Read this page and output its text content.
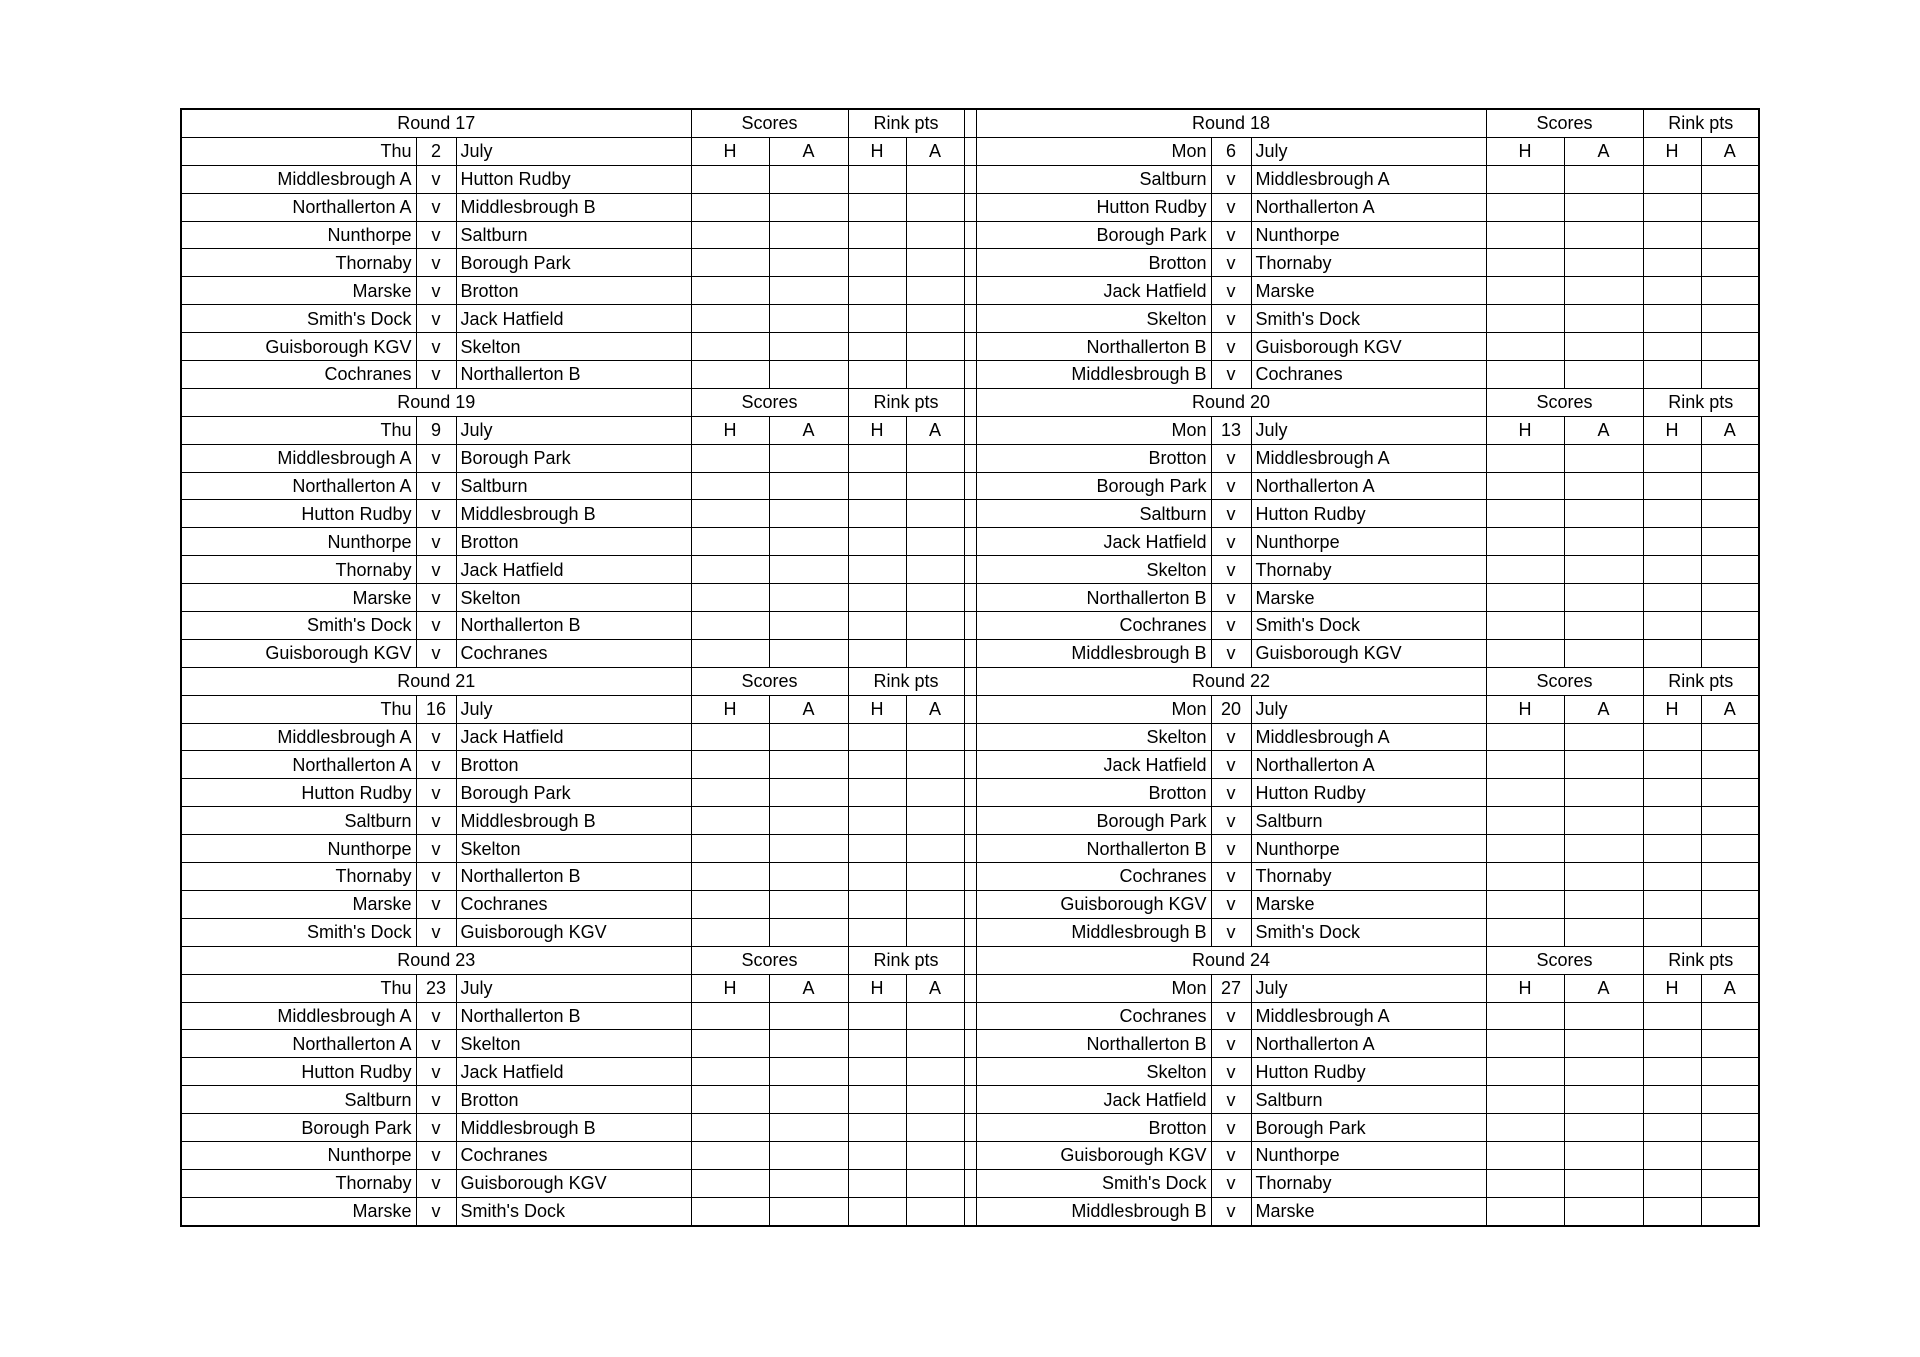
Round 17			Scores		Rink pts			Round 18			Scores		Rink pts	
Thu	2	July	H	A	H	A		Mon	6	July	H	A	H	A
Middlesbrough A	v	Hutton Rudby						Saltburn	v	Middlesbrough A				
Northallerton A	v	Middlesbrough B						Hutton Rudby	v	Northallerton A				
Nunthorpe	v	Saltburn						Borough Park	v	Nunthorpe				
Thornaby	v	Borough Park						Brotton	v	Thornaby				
Marske	v	Brotton						Jack Hatfield	v	Marske				
Smith's Dock	v	Jack Hatfield						Skelton	v	Smith's Dock				
Guisborough KGV	v	Skelton						Northallerton B	v	Guisborough KGV				
Cochranes	v	Northallerton B						Middlesbrough B	v	Cochranes				
Round 19			Scores		Rink pts			Round 20			Scores		Rink pts	
Thu	9	July	H	A	H	A		Mon	13	July	H	A	H	A
Middlesbrough A	v	Borough Park						Brotton	v	Middlesbrough A				
Northallerton A	v	Saltburn						Borough Park	v	Northallerton A				
Hutton Rudby	v	Middlesbrough B						Saltburn	v	Hutton Rudby				
Nunthorpe	v	Brotton						Jack Hatfield	v	Nunthorpe				
Thornaby	v	Jack Hatfield						Skelton	v	Thornaby				
Marske	v	Skelton						Northallerton B	v	Marske				
Smith's Dock	v	Northallerton B						Cochranes	v	Smith's Dock				
Guisborough KGV	v	Cochranes						Middlesbrough B	v	Guisborough KGV				
Round 21			Scores		Rink pts			Round 22			Scores		Rink pts	
Thu	16	July	H	A	H	A		Mon	20	July	H	A	H	A
Middlesbrough A	v	Jack Hatfield						Skelton	v	Middlesbrough A				
Northallerton A	v	Brotton						Jack Hatfield	v	Northallerton A				
Hutton Rudby	v	Borough Park						Brotton	v	Hutton Rudby				
Saltburn	v	Middlesbrough B						Borough Park	v	Saltburn				
Nunthorpe	v	Skelton						Northallerton B	v	Nunthorpe				
Thornaby	v	Northallerton B						Cochranes	v	Thornaby				
Marske	v	Cochranes						Guisborough KGV	v	Marske				
Smith's Dock	v	Guisborough KGV						Middlesbrough B	v	Smith's Dock				
Round 23			Scores		Rink pts			Round 24			Scores		Rink pts	
Thu	23	July	H	A	H	A		Mon	27	July	H	A	H	A
Middlesbrough A	v	Northallerton B						Cochranes	v	Middlesbrough A				
Northallerton A	v	Skelton						Northallerton B	v	Northallerton A				
Hutton Rudby	v	Jack Hatfield						Skelton	v	Hutton Rudby				
Saltburn	v	Brotton						Jack Hatfield	v	Saltburn				
Borough Park	v	Middlesbrough B						Brotton	v	Borough Park				
Nunthorpe	v	Cochranes						Guisborough KGV	v	Nunthorpe				
Thornaby	v	Guisborough KGV						Smith's Dock	v	Thornaby				
Marske	v	Smith's Dock						Middlesbrough B	v	Marske				
